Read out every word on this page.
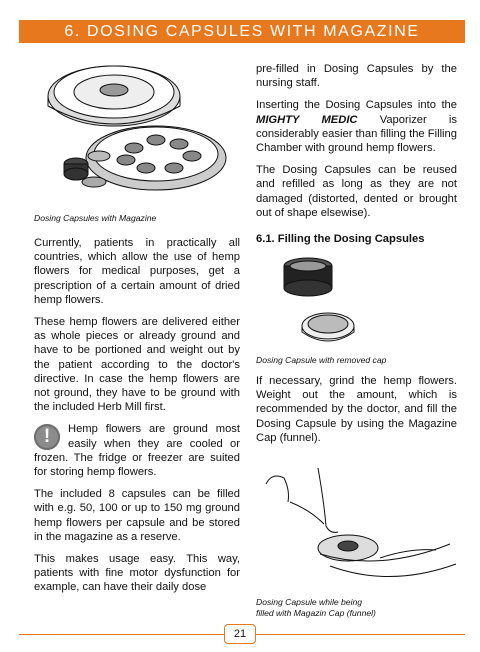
6. DOSING CAPSULES WITH MAGAZINE
Dosing Capsules with Magazine

Currently, patients in practically all countries, which allow the use of hemp flowers for medical purposes, get a prescription of a certain amount of dried hemp flowers.

These hemp flowers are delivered either as whole pieces or already ground and have to be portioned and weight out by the patient according to the doctor's directive. In case the hemp flowers are not ground, they have to be ground with the included Herb Mill first.

!	Hemp flowers are ground most easily when they are cooled or frozen. The fridge or freezer are suited for storing hemp flowers.

The included 8 capsules can be filled with e.g. 50, 100 or up to 150 mg ground hemp flowers per capsule and be stored in the magazine as a reserve.

This makes usage easy. This way, patients with fine motor dysfunction for example, can have their daily dose

pre-filled in Dosing Capsules by the nursing staff.

Inserting the Dosing Capsules into the MIGHTY MEDIC Vaporizer is considerably easier than filling the Filling Chamber with ground hemp flowers.

The Dosing Capsules can be reused and refilled as long as they are not damaged (distorted, dented or brought out of shape elsewise).

6.1. Filling the Dosing Capsules

Dosing Capsule with removed cap

If necessary, grind the hemp flowers. Weight out the amount, which is recommended by the doctor, and fill the Dosing Capsule by using the Magazine Cap (funnel).

Dosing Capsule while being
filled with Magazin Cap (funnel)
21
